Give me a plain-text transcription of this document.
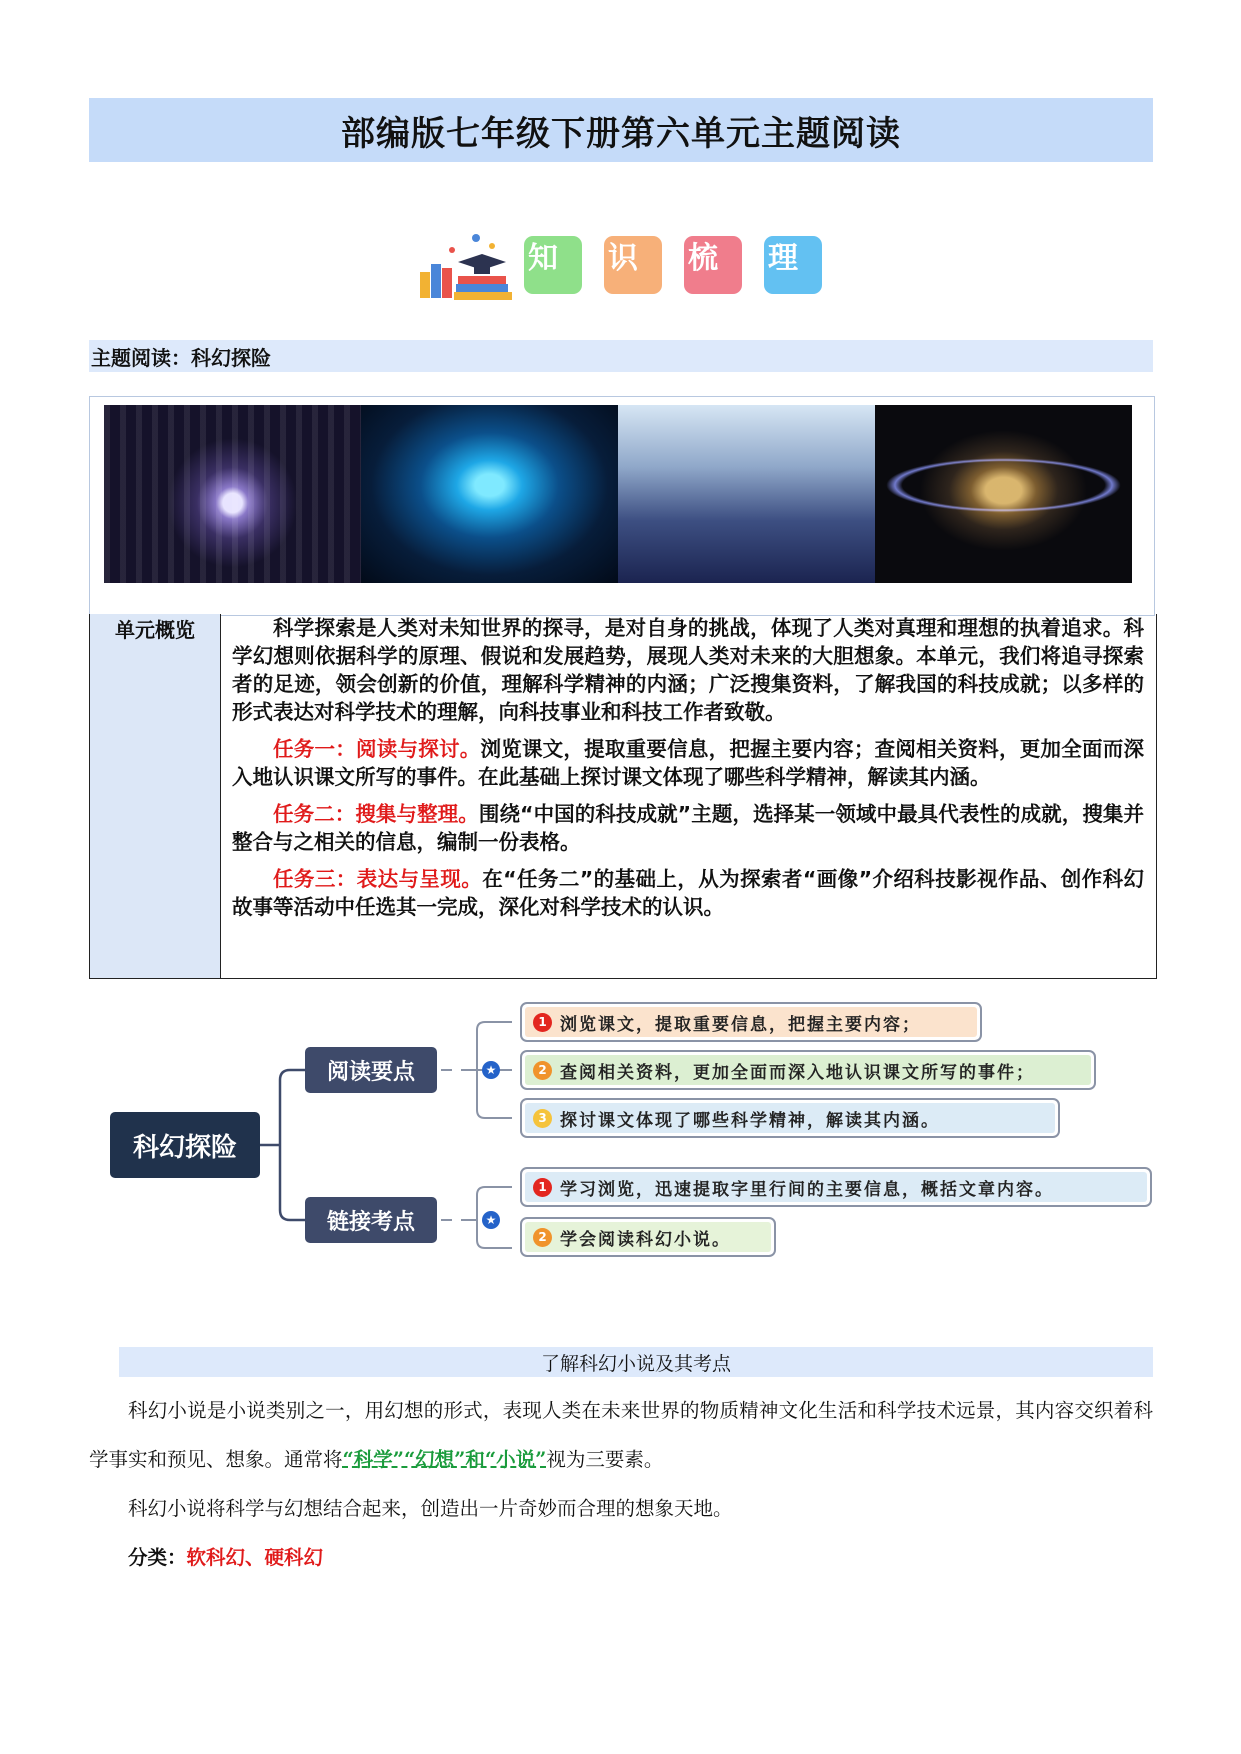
部编版七年级下册第六单元主题阅读
知 识 梳 理
主题阅读：科幻探险
单元概览	科学探索是人类对未知世界的探寻，是对自身的挑战，体现了人类对真理和理想的执着追求。科学幻想则依据科学的原理、假说和发展趋势，展现人类对未来的大胆想象。本单元，我们将追寻探索者的足迹，领会创新的价值，理解科学精神的内涵；广泛搜集资料，了解我国的科技成就；以多样的形式表达对科学技术的理解，向科技事业和科技工作者致敬。

任务一：阅读与探讨。浏览课文，提取重要信息，把握主要内容；查阅相关资料，更加全面而深入地认识课文所写的事件。在此基础上探讨课文体现了哪些科学精神，解读其内涵。

任务二：搜集与整理。围绕“中国的科技成就”主题，选择某一领域中最具代表性的成就，搜集并整合与之相关的信息，编制一份表格。

任务三：表达与呈现。在“任务二”的基础上，从为探索者“画像”介绍科技影视作品、创作科幻故事等活动中任选其一完成，深化对科学技术的认识。

科幻探险
阅读要点	★
1 浏览课文，提取重要信息，把握主要内容；
2 查阅相关资料，更加全面而深入地认识课文所写的事件；
3 探讨课文体现了哪些科学精神，解读其内涵。
链接考点	★
1 学习浏览，迅速提取字里行间的主要信息，概括文章内容。
2 学会阅读科幻小说。
了解科幻小说及其考点

科幻小说是小说类别之一，用幻想的形式，表现人类在未来世界的物质精神文化生活和科学技术远景，其内容交织着科学事实和预见、想象。通常将“科学”“幻想”和“小说”视为三要素。

科幻小说将科学与幻想结合起来，创造出一片奇妙而合理的想象天地。

分类：软科幻、硬科幻
